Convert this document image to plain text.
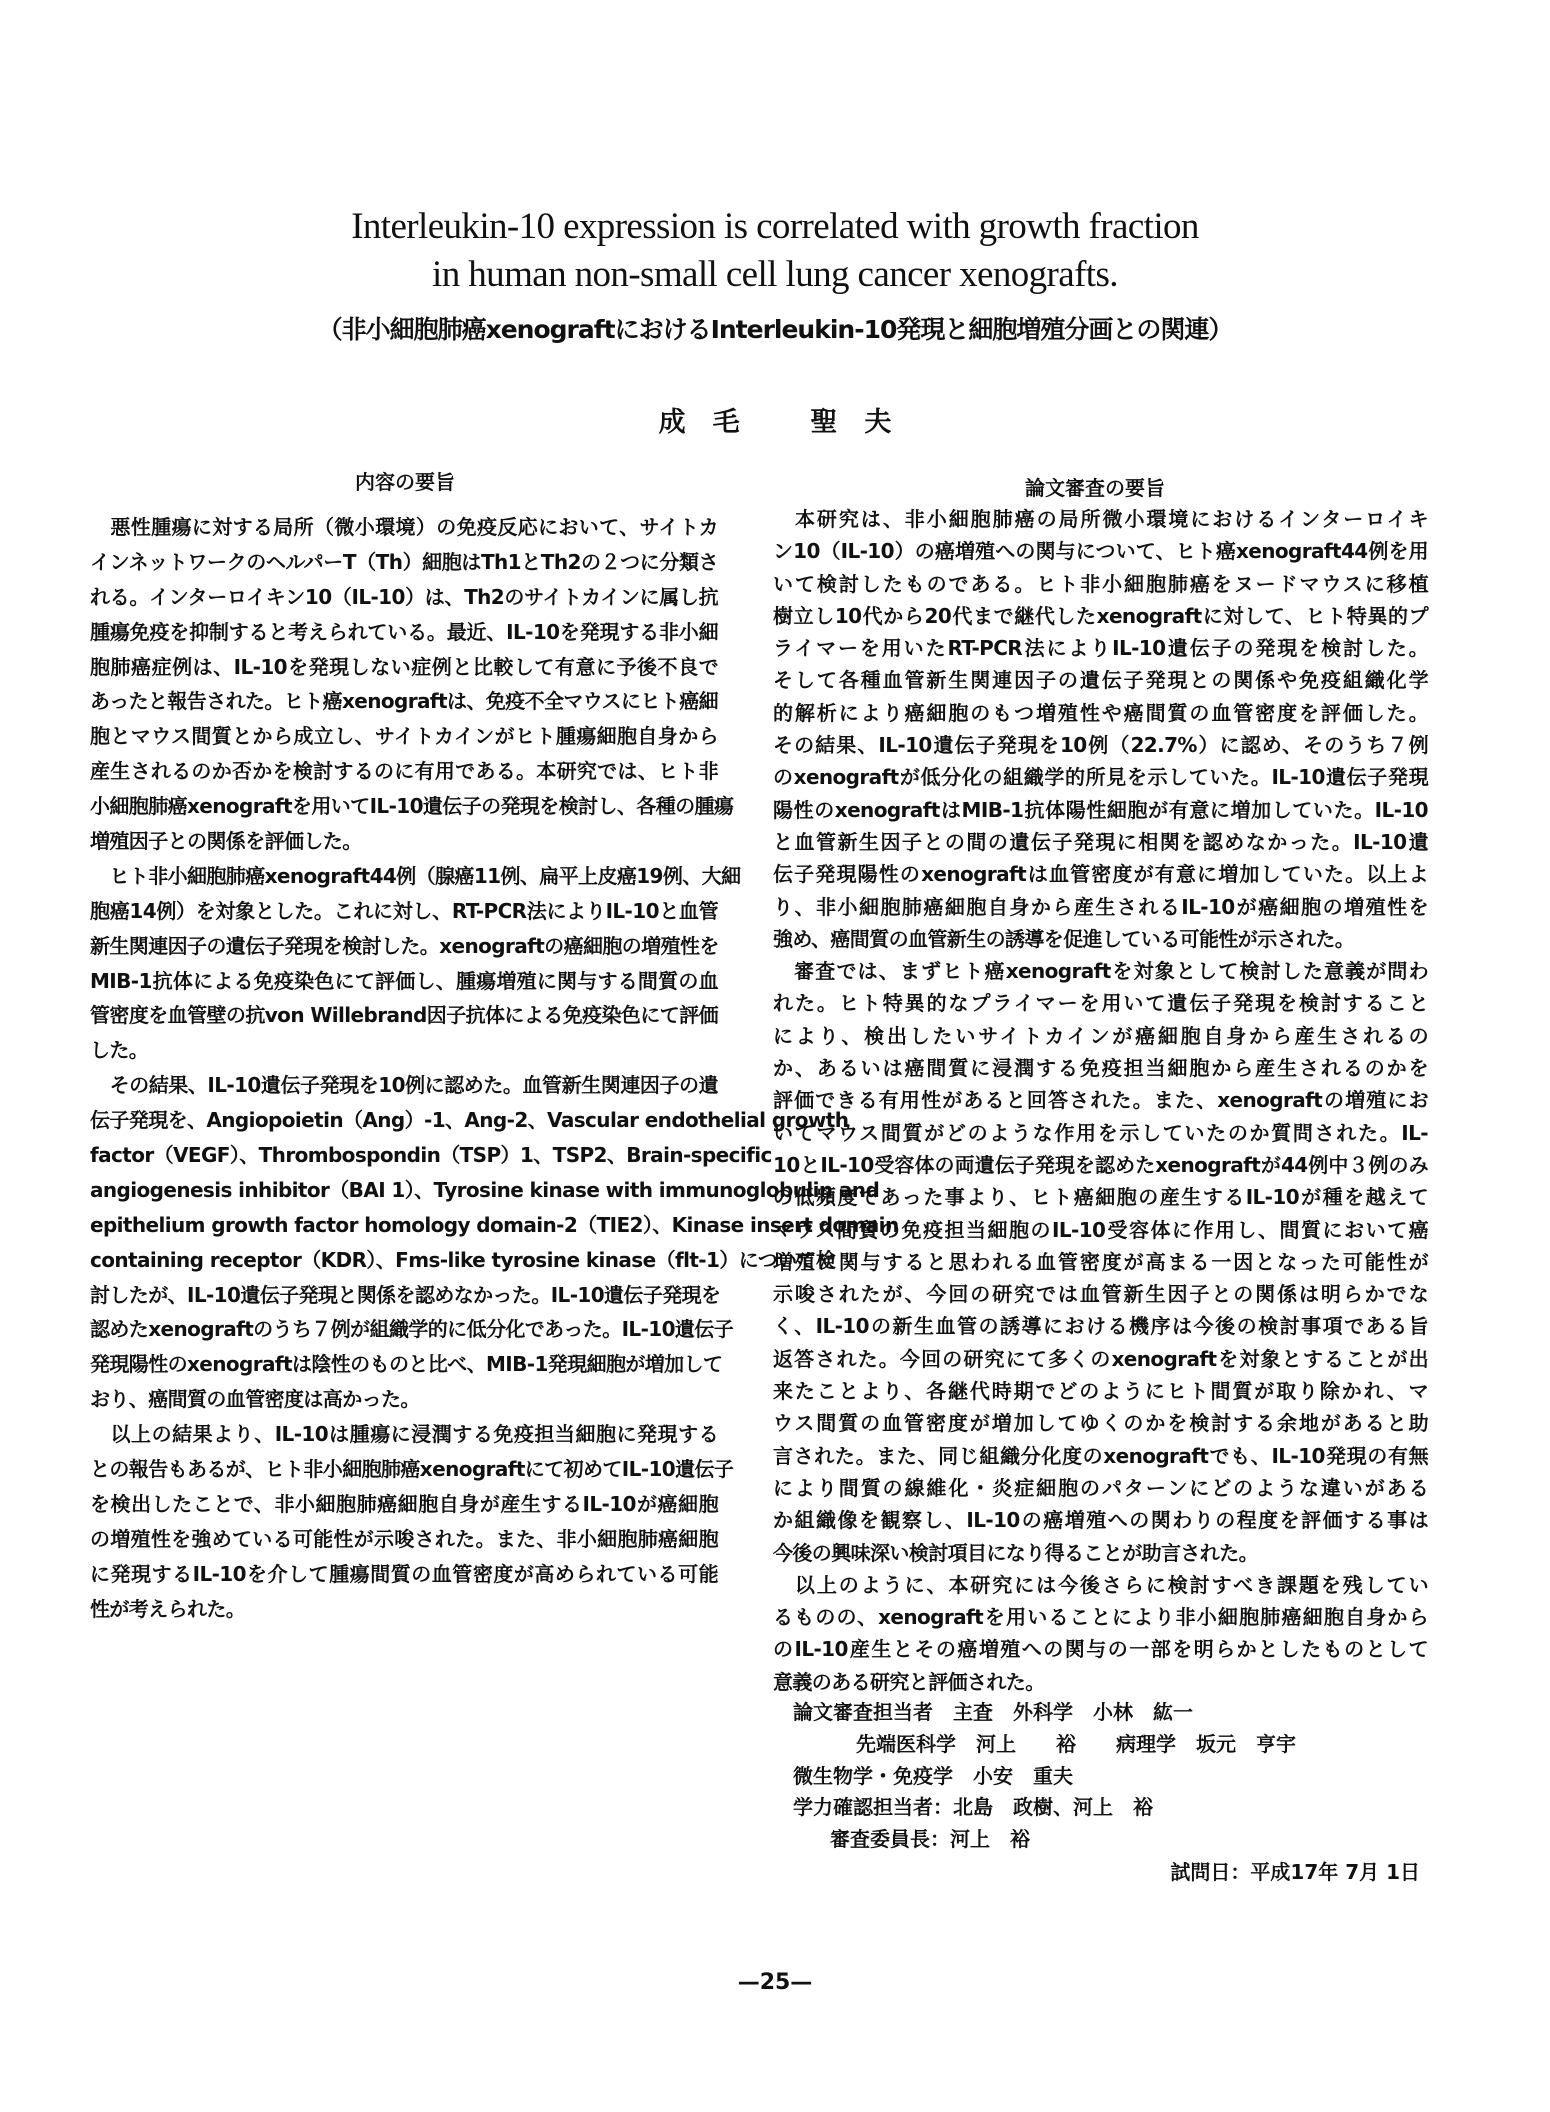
Interleukin-10 expression is correlated with growth fraction
in human non-small cell lung cancer xenografts.
（非小細胞肺癌xenograftにおけるInterleukin-10発現と細胞増殖分画との関連）
成　毛	聖　夫
内容の要旨	論文審査の要旨
　悪性腫瘍に対する局所（微小環境）の免疫反応において、サイトカ
インネットワークのヘルパーT（Th）細胞はTh1とTh2の２つに分類さ
れる。インターロイキン10（IL-10）は、Th2のサイトカインに属し抗
腫瘍免疫を抑制すると考えられている。最近、IL-10を発現する非小細
胞肺癌症例は、IL-10を発現しない症例と比較して有意に予後不良で
あったと報告された。ヒト癌xenograftは、免疫不全マウスにヒト癌細
胞とマウス間質とから成立し、サイトカインがヒト腫瘍細胞自身から
産生されるのか否かを検討するのに有用である。本研究では、ヒト非
小細胞肺癌xenograftを用いてIL-10遺伝子の発現を検討し、各種の腫瘍
増殖因子との関係を評価した。
　ヒト非小細胞肺癌xenograft44例（腺癌11例、扁平上皮癌19例、大細
胞癌14例）を対象とした。これに対し、RT-PCR法によりIL-10と血管
新生関連因子の遺伝子発現を検討した。xenograftの癌細胞の増殖性を
MIB-1抗体による免疫染色にて評価し、腫瘍増殖に関与する間質の血
管密度を血管壁の抗von Willebrand因子抗体による免疫染色にて評価
した。
　その結果、IL-10遺伝子発現を10例に認めた。血管新生関連因子の遺
伝子発現を、Angiopoietin（Ang）-1、Ang-2、Vascular endothelial growth
factor（VEGF）、Thrombospondin（TSP）1、TSP2、Brain-specific
angiogenesis inhibitor（BAI 1）、Tyrosine kinase with immunoglobulin and
epithelium growth factor homology domain-2（TIE2）、Kinase insert domain
containing receptor（KDR）、Fms-like tyrosine kinase（flt-1）について検
討したが、IL-10遺伝子発現と関係を認めなかった。IL-10遺伝子発現を
認めたxenograftのうち７例が組織学的に低分化であった。IL-10遺伝子
発現陽性のxenograftは陰性のものと比べ、MIB-1発現細胞が増加して
おり、癌間質の血管密度は高かった。
　以上の結果より、IL-10は腫瘍に浸潤する免疫担当細胞に発現する
との報告もあるが、ヒト非小細胞肺癌xenograftにて初めてIL-10遺伝子
を検出したことで、非小細胞肺癌細胞自身が産生するIL-10が癌細胞
の増殖性を強めている可能性が示唆された。また、非小細胞肺癌細胞
に発現するIL-10を介して腫瘍間質の血管密度が高められている可能
性が考えられた。
　本研究は、非小細胞肺癌の局所微小環境におけるインターロイキ
ン10（IL-10）の癌増殖への関与について、ヒト癌xenograft44例を用
いて検討したものである。ヒト非小細胞肺癌をヌードマウスに移植
樹立し10代から20代まで継代したxenograftに対して、ヒト特異的プ
ライマーを用いたRT-PCR法によりIL-10遺伝子の発現を検討した。
そして各種血管新生関連因子の遺伝子発現との関係や免疫組織化学
的解析により癌細胞のもつ増殖性や癌間質の血管密度を評価した。
その結果、IL-10遺伝子発現を10例（22.7%）に認め、そのうち７例
のxenograftが低分化の組織学的所見を示していた。IL-10遺伝子発現
陽性のxenograftはMIB-1抗体陽性細胞が有意に増加していた。IL-10
と血管新生因子との間の遺伝子発現に相関を認めなかった。IL-10遺
伝子発現陽性のxenograftは血管密度が有意に増加していた。以上よ
り、非小細胞肺癌細胞自身から産生されるIL-10が癌細胞の増殖性を
強め、癌間質の血管新生の誘導を促進している可能性が示された。
　審査では、まずヒト癌xenograftを対象として検討した意義が問わ
れた。ヒト特異的なプライマーを用いて遺伝子発現を検討すること
により、検出したいサイトカインが癌細胞自身から産生されるの
か、あるいは癌間質に浸潤する免疫担当細胞から産生されるのかを
評価できる有用性があると回答された。また、xenograftの増殖にお
いてマウス間質がどのような作用を示していたのか質問された。IL-
10とIL-10受容体の両遺伝子発現を認めたxenograftが44例中３例のみ
の低頻度であった事より、ヒト癌細胞の産生するIL-10が種を越えて
マウス間質の免疫担当細胞のIL-10受容体に作用し、間質において癌
増殖に関与すると思われる血管密度が高まる一因となった可能性が
示唆されたが、今回の研究では血管新生因子との関係は明らかでな
く、IL-10の新生血管の誘導における機序は今後の検討事項である旨
返答された。今回の研究にて多くのxenograftを対象とすることが出
来たことより、各継代時期でどのようにヒト間質が取り除かれ、マ
ウス間質の血管密度が増加してゆくのかを検討する余地があると助
言された。また、同じ組織分化度のxenograftでも、IL-10発現の有無
により間質の線維化・炎症細胞のパターンにどのような違いがある
か組織像を観察し、IL-10の癌増殖への関わりの程度を評価する事は
今後の興味深い検討項目になり得ることが助言された。
　以上のように、本研究には今後さらに検討すべき課題を残してい
るものの、xenograftを用いることにより非小細胞肺癌細胞自身から
のIL-10産生とその癌増殖への関与の一部を明らかとしたものとして
意義のある研究と評価された。
論文審査担当者　主査　外科学　小林　紘一
先端医科学　河上　　裕　　病理学　坂元　亨宇
微生物学・免疫学　小安　重夫
学力確認担当者：北島　政樹、河上　裕
審査委員長：河上　裕
試問日：平成17年 7月 1日
—25—
